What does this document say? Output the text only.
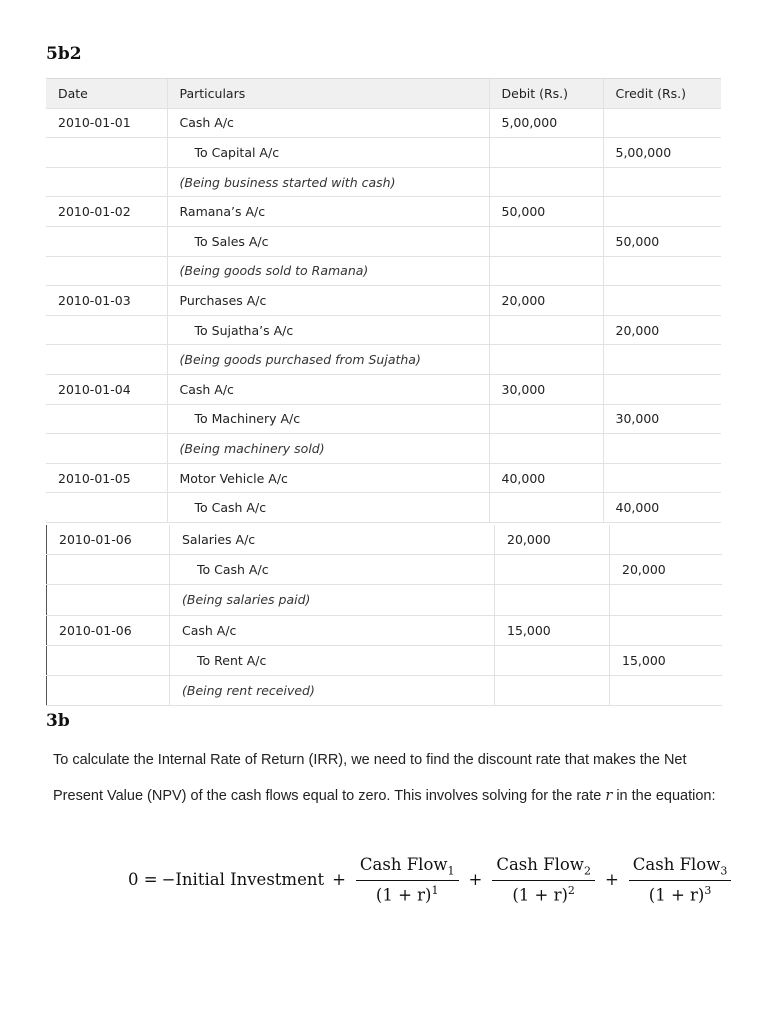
5b2
Date	Particulars	Debit (Rs.)	Credit (Rs.)
2010-01-01	Cash A/c	5,00,000	
	To Capital A/c		5,00,000
	(Being business started with cash)		
2010-01-02	Ramana’s A/c	50,000	
	To Sales A/c		50,000
	(Being goods sold to Ramana)		
2010-01-03	Purchases A/c	20,000	
	To Sujatha’s A/c		20,000
	(Being goods purchased from Sujatha)		
2010-01-04	Cash A/c	30,000	
	To Machinery A/c		30,000
	(Being machinery sold)		
2010-01-05	Motor Vehicle A/c	40,000	
	To Cash A/c		40,000
2010-01-06	Salaries A/c	20,000	
	To Cash A/c		20,000
	(Being salaries paid)		
2010-01-06	Cash A/c	15,000	
	To Rent A/c		15,000
	(Being rent received)		
3b
To calculate the Internal Rate of Return (IRR), we need to find the discount rate that makes the Net Present Value (NPV) of the cash flows equal to zero. This involves solving for the rate r in the equation:
0 = −Initial Investment + $\frac{Cash Flow_1}{(1 + r)^1} + \frac{Cash Flow_2}{(1 + r)^2} + \frac{Cash Flow_3}{(1 + r)^3}$
